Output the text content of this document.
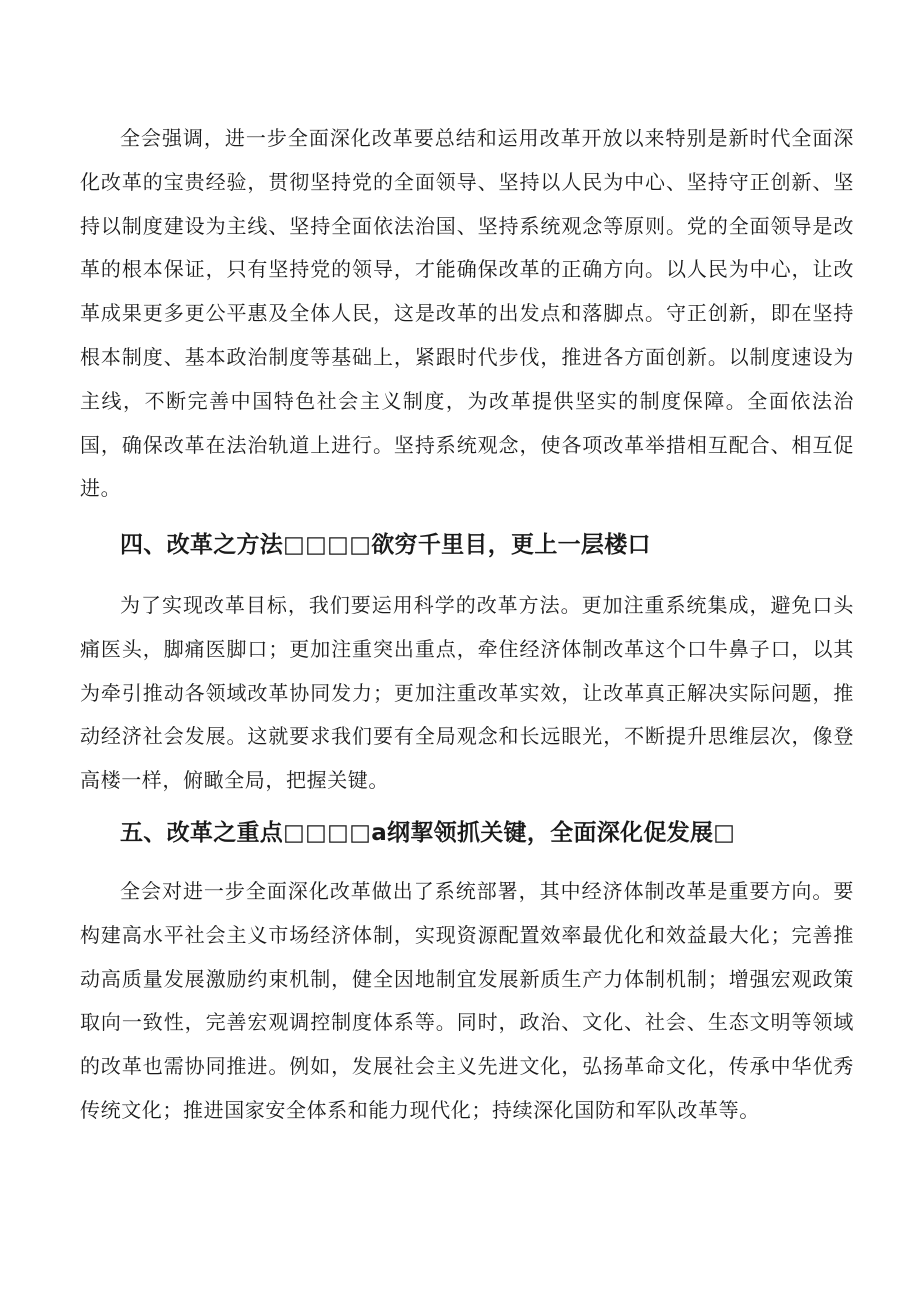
全会强调，进一步全面深化改革要总结和运用改革开放以来特别是新时代全面深化改革的宝贵经验，贯彻坚持党的全面领导、坚持以人民为中心、坚持守正创新、坚持以制度建设为主线、坚持全面依法治国、坚持系统观念等原则。党的全面领导是改革的根本保证，只有坚持党的领导，才能确保改革的正确方向。以人民为中心，让改革成果更多更公平惠及全体人民，这是改革的出发点和落脚点。守正创新，即在坚持根本制度、基本政治制度等基础上，紧跟时代步伐，推进各方面创新。以制度速设为主线，不断完善中国特色社会主义制度，为改革提供坚实的制度保障。全面依法治国，确保改革在法治轨道上进行。坚持系统观念，使各项改革举措相互配合、相互促进。

四、改革之方法□□□□欲穷千里目，更上一层楼口

为了实现改革目标，我们要运用科学的改革方法。更加注重系统集成，避免口头痛医头，脚痛医脚口；更加注重突出重点，牵住经济体制改革这个口牛鼻子口，以其为牵引推动各领域改革协同发力；更加注重改革实效，让改革真正解决实际问题，推动经济社会发展。这就要求我们要有全局观念和长远眼光，不断提升思维层次，像登高楼一样，俯瞰全局，把握关键。

五、改革之重点□□□□a纲挈领抓关键，全面深化促发展□

全会对进一步全面深化改革做出了系统部署，其中经济体制改革是重要方向。要构建高水平社会主义市场经济体制，实现资源配置效率最优化和效益最大化；完善推动高质量发展激励约束机制，健全因地制宜发展新质生产力体制机制；增强宏观政策取向一致性，完善宏观调控制度体系等。同时，政治、文化、社会、生态文明等领域的改革也需协同推进。例如，发展社会主义先进文化，弘扬革命文化，传承中华优秀传统文化；推进国家安全体系和能力现代化；持续深化国防和军队改革等。
